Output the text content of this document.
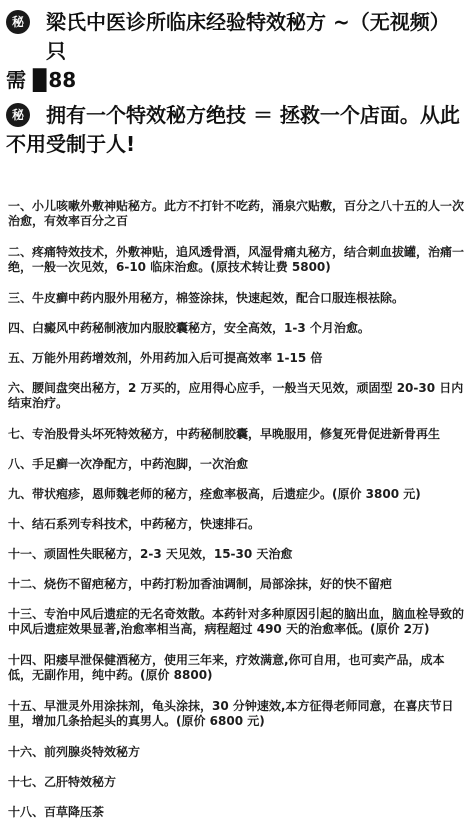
秘	梁氏中医诊所临床经验特效秘方 ~（无视频）只
需 ▉88
秘	拥有一个特效秘方绝技 ＝ 拯救一个店面。从此
不用受制于人!
一、小儿咳嗽外敷神贴秘方。此方不打针不吃药，涌泉穴贴敷，百分之八十五的人一次治愈，有效率百分之百
二、疼痛特效技术，外敷神贴，追风透骨酒，风湿骨痛丸秘方，结合刺血拔罐，治痛一绝，一般一次见效，6-10 临床治愈。(原技术转让费 5800)
三、牛皮癣中药内服外用秘方，棉签涂抹，快速起效，配合口服连根祛除。
四、白癜风中药秘制液加内服胶囊秘方，安全高效，1-3 个月治愈。
五、万能外用药增效剂，外用药加入后可提高效率 1-15 倍
六、腰间盘突出秘方，2 万买的，应用得心应手，一般当天见效，顽固型 20-30 日内结束治疗。
七、专治股骨头坏死特效秘方，中药秘制胶囊，早晚服用，修复死骨促进新骨再生
八、手足癣一次净配方，中药泡脚，一次治愈
九、带状疱疹，恩师魏老师的秘方，痊愈率极高，后遗症少。(原价 3800 元)
十、结石系列专科技术，中药秘方，快速排石。
十一、顽固性失眠秘方，2-3 天见效，15-30 天治愈
十二、烧伤不留疤秘方，中药打粉加香油调制，局部涂抹，好的快不留疤
十三、专治中风后遗症的无名奇效散。本药针对多种原因引起的脑出血，脑血栓导致的中风后遗症效果显著,治愈率相当高，病程超过 490 天的治愈率低。(原价 2万)
十四、阳痿早泄保健酒秘方，使用三年来，疗效满意,你可自用，也可卖产品，成本低，无副作用，纯中药。(原价 8800)
十五、早泄灵外用涂抹剂，龟头涂抹，30 分钟速效,本方征得老师同意，在喜庆节日里，增加几条拾起头的真男人。(原价 6800 元)
十六、前列腺炎特效秘方
十七、乙肝特效秘方
十八、百草降压茶
